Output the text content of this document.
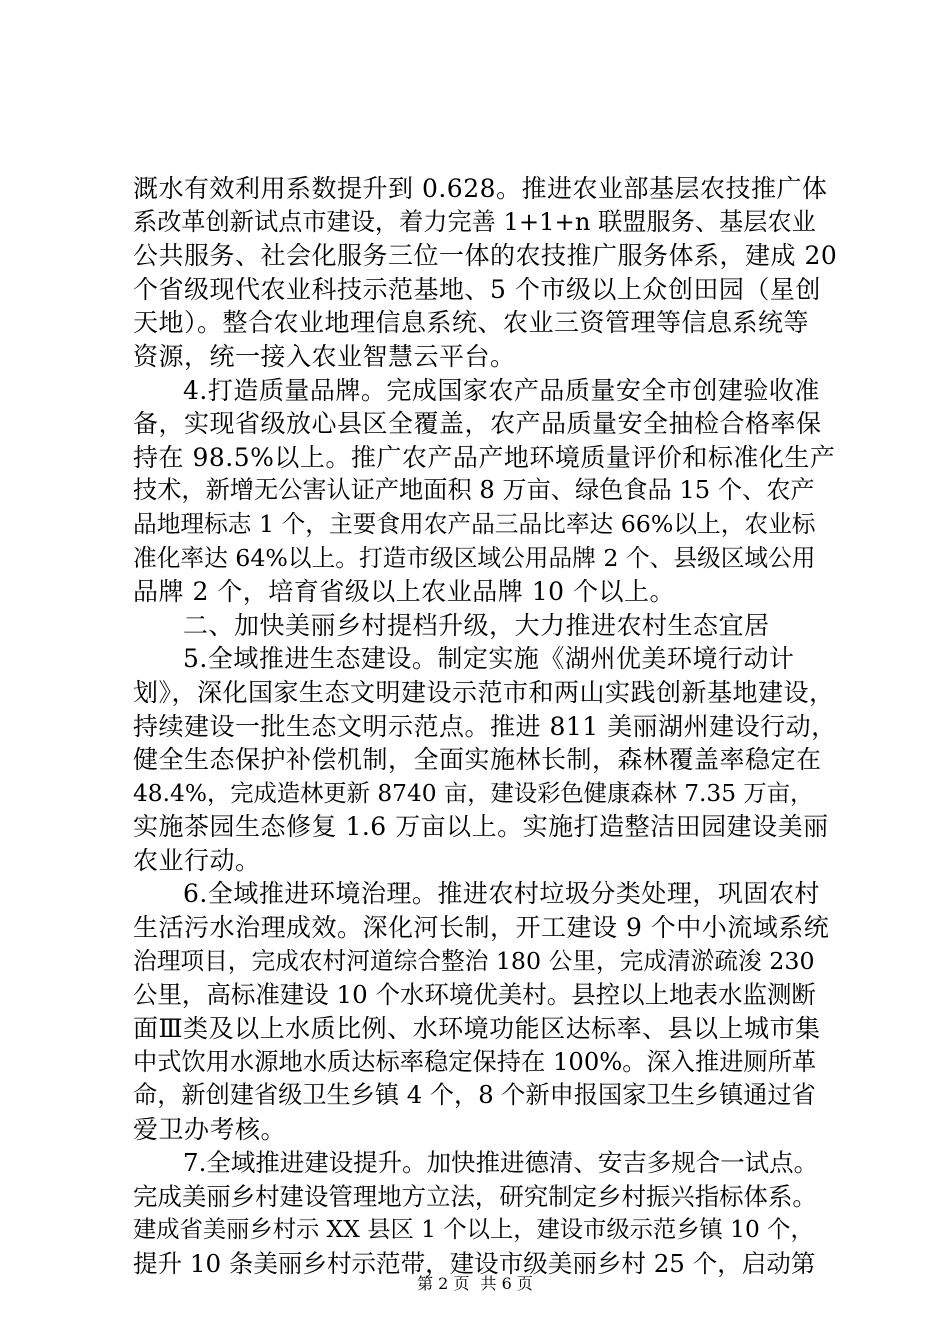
溉水有效利用系数提升到 0.628。推进农业部基层农技推广体
系改革创新试点市建设，着力完善 1+1+n 联盟服务、基层农业
公共服务、社会化服务三位一体的农技推广服务体系，建成 20
个省级现代农业科技示范基地、5 个市级以上众创田园（星创
天地）。整合农业地理信息系统、农业三资管理等信息系统等
资源，统一接入农业智慧云平台。
4.打造质量品牌。完成国家农产品质量安全市创建验收准
备，实现省级放心县区全覆盖，农产品质量安全抽检合格率保
持在 98.5%以上。推广农产品产地环境质量评价和标准化生产
技术，新增无公害认证产地面积 8 万亩、绿色食品 15 个、农产
品地理标志 1 个，主要食用农产品三品比率达 66%以上，农业标
准化率达 64%以上。打造市级区域公用品牌 2 个、县级区域公用
品牌 2 个，培育省级以上农业品牌 10 个以上。
二、加快美丽乡村提档升级，大力推进农村生态宜居
5.全域推进生态建设。制定实施《湖州优美环境行动计
划》，深化国家生态文明建设示范市和两山实践创新基地建设，
持续建设一批生态文明示范点。推进 811 美丽湖州建设行动，
健全生态保护补偿机制，全面实施林长制，森林覆盖率稳定在
48.4%，完成造林更新 8740 亩，建设彩色健康森林 7.35 万亩，
实施茶园生态修复 1.6 万亩以上。实施打造整洁田园建设美丽
农业行动。
6.全域推进环境治理。推进农村垃圾分类处理，巩固农村
生活污水治理成效。深化河长制，开工建设 9 个中小流域系统
治理项目，完成农村河道综合整治 180 公里，完成清淤疏浚 230
公里，高标准建设 10 个水环境优美村。县控以上地表水监测断
面Ⅲ类及以上水质比例、水环境功能区达标率、县以上城市集
中式饮用水源地水质达标率稳定保持在 100%。深入推进厕所革
命，新创建省级卫生乡镇 4 个，8 个新申报国家卫生乡镇通过省
爱卫办考核。
7.全域推进建设提升。加快推进德清、安吉多规合一试点。
完成美丽乡村建设管理地方立法，研究制定乡村振兴指标体系。
建成省美丽乡村示 XX 县区 1 个以上，建设市级示范乡镇 10 个，
提升 10 条美丽乡村示范带，建设市级美丽乡村 25 个，启动第
第 2 页 共 6 页
